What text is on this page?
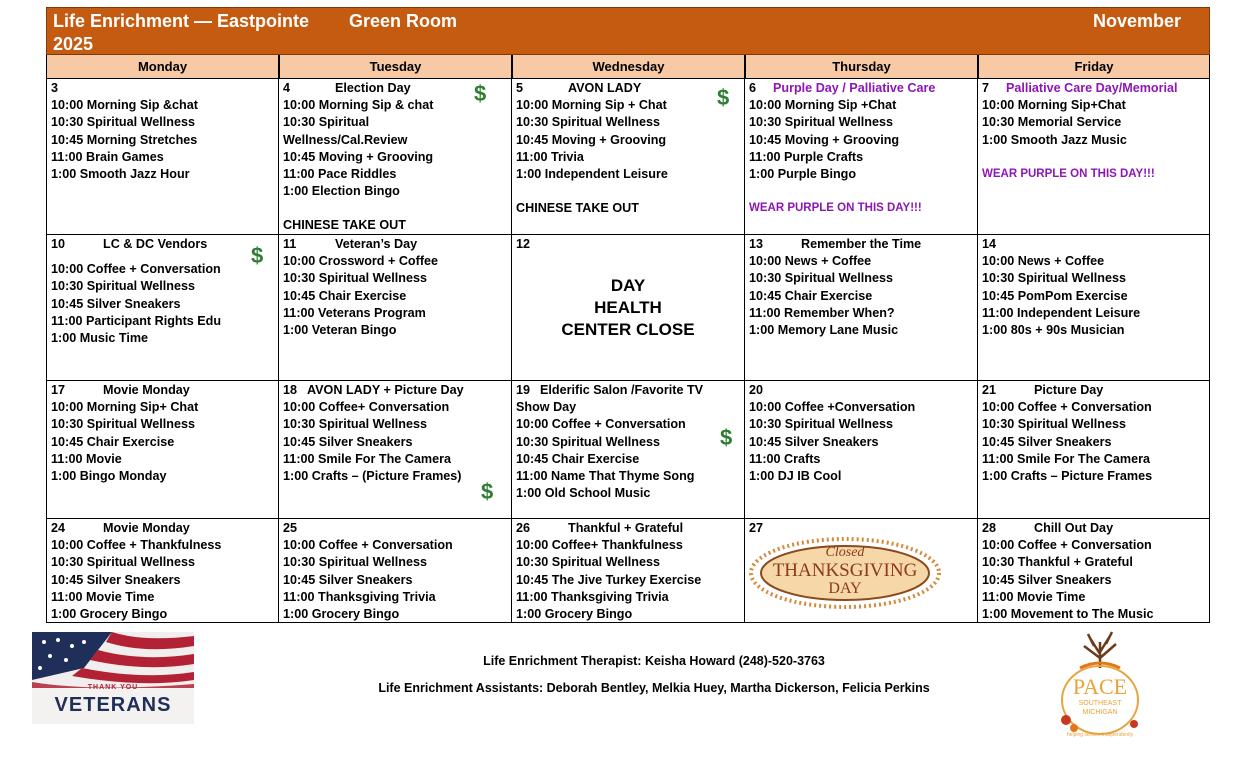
Life Enrichment — Eastpointe
2025
Green Room	November
Monday	Tuesday	Wednesday	Thursday	Friday
3
10:00 Morning Sip &chat
10:30 Spiritual Wellness
10:45 Morning Stretches
11:00 Brain Games
1:00 Smooth Jazz Hour
4	Election Day
10:00 Morning Sip & chat
10:30 Spiritual
Wellness/Cal.Review
10:45 Moving + Grooving
11:00 Pace Riddles
1:00 Election Bingo
CHINESE TAKE OUT
$ 5	AVON LADY
10:00 Morning Sip + Chat
10:30 Spiritual Wellness
10:45 Moving + Grooving
11:00 Trivia
1:00 Independent Leisure
CHINESE TAKE OUT
$ 6 Purple Day / Palliative Care
10:00 Morning Sip +Chat
10:30 Spiritual Wellness
10:45 Moving + Grooving
11:00 Purple Crafts
1:00 Purple Bingo
WEAR PURPLE ON THIS DAY!!!
7 Palliative Care Day/Memorial
10:00 Morning Sip+Chat
10:30 Memorial Service
1:00 Smooth Jazz Music
WEAR PURPLE ON THIS DAY!!!
10	LC & DC Vendors
10:00 Coffee + Conversation
10:30 Spiritual Wellness
10:45 Silver Sneakers
11:00 Participant Rights Edu
1:00 Music Time
$ 11	Veteran’s Day
10:00 Crossword + Coffee
10:30 Spiritual Wellness
10:45 Chair Exercise
11:00 Veterans Program
1:00 Veteran Bingo
12
DAY
HEALTH
CENTER CLOSE
13	Remember the Time
10:00 News + Coffee
10:30 Spiritual Wellness
10:45 Chair Exercise
11:00 Remember When?
1:00 Memory Lane Music
14
10:00 News + Coffee
10:30 Spiritual Wellness
10:45 PomPom Exercise
11:00 Independent Leisure
1:00 80s + 90s Musician
17	Movie Monday
10:00 Morning Sip+ Chat
10:30 Spiritual Wellness
10:45 Chair Exercise
11:00 Movie
1:00 Bingo Monday
18 AVON LADY + Picture Day
10:00 Coffee+ Conversation
10:30 Spiritual Wellness
10:45 Silver Sneakers
11:00 Smile For The Camera
1:00 Crafts – (Picture Frames)
$
19 Elderific Salon /Favorite TV Show Day
10:00 Coffee + Conversation
10:30 Spiritual Wellness
10:45 Chair Exercise
11:00 Name That Thyme Song
1:00 Old School Music
$
20
10:00 Coffee +Conversation
10:30 Spiritual Wellness
10:45 Silver Sneakers
11:00 Crafts
1:00 DJ IB Cool
21	Picture Day
10:00 Coffee + Conversation
10:30 Spiritual Wellness
10:45 Silver Sneakers
11:00 Smile For The Camera
1:00 Crafts – Picture Frames
24	Movie Monday
10:00 Coffee + Thankfulness
10:30 Spiritual Wellness
10:45 Silver Sneakers
11:00 Movie Time
1:00 Grocery Bingo
25
10:00 Coffee + Conversation
10:30 Spiritual Wellness
10:45 Silver Sneakers
11:00 Thanksgiving Trivia
1:00 Grocery Bingo
26	Thankful + Grateful
10:00 Coffee+ Thankfulness
10:30 Spiritual Wellness
10:45 The Jive Turkey Exercise
11:00 Thanksgiving Trivia
1:00 Grocery Bingo
27
Closed
THANKSGIVING
DAY
28	Chill Out Day
10:00 Coffee + Conversation
10:30 Thankful + Grateful
10:45 Silver Sneakers
11:00 Movie Time
1:00 Movement to The Music
THANK YOU
VETERANS
Life Enrichment Therapist: Keisha Howard (248)-520-3763
Life Enrichment Assistants: Deborah Bentley, Melkia Huey, Martha Dickerson, Felicia Perkins	PACE
SOUTHEAST
MICHIGAN
helping seniors independently
